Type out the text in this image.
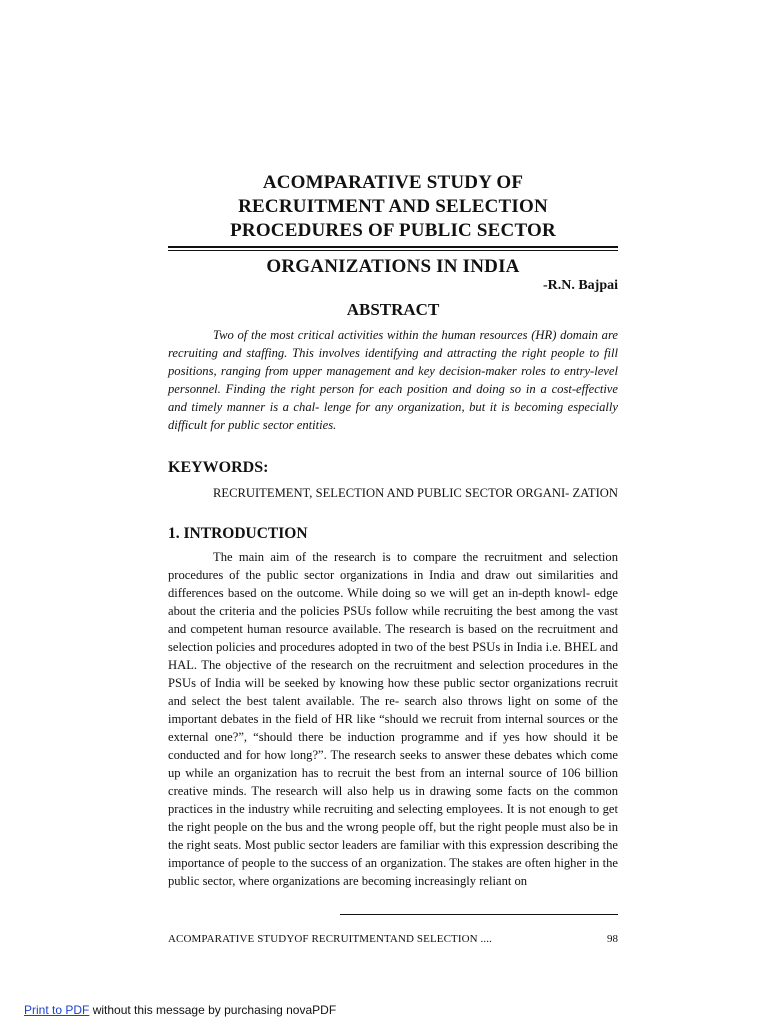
ACOMPARATIVE STUDY OF
RECRUITMENT AND SELECTION
PROCEDURES OF PUBLIC SECTOR
ORGANIZATIONS IN INDIA
-R.N. Bajpai
ABSTRACT

Two of the most critical activities within the human resources (HR) domain are recruiting and staffing. This involves identifying and attracting the right people to fill positions, ranging from upper management and key decision-maker roles to entry-level personnel. Finding the right person for each position and doing so in a cost-effective and timely manner is a chal- lenge for any organization, but it is becoming especially difficult for public sector entities.

KEYWORDS:

RECRUITEMENT, SELECTION AND PUBLIC SECTOR ORGANI- ZATION

1. INTRODUCTION

The main aim of the research is to compare the recruitment and selection procedures of the public sector organizations in India and draw out similarities and differences based on the outcome. While doing so we will get an in-depth knowl- edge about the criteria and the policies PSUs follow while recruiting the best among the vast and competent human resource available. The research is based on the recruitment and selection policies and procedures adopted in two of the best PSUs in India i.e. BHEL and HAL. The objective of the research on the recruitment and selection procedures in the PSUs of India will be seeked by knowing how these public sector organizations recruit and select the best talent available. The re- search also throws light on some of the important debates in the field of HR like “should we recruit from internal sources or the external one?”, “should there be induction programme and if yes how should it be conducted and for how long?”. The research seeks to answer these debates which come up while an organization has to recruit the best from an internal source of 106 billion creative minds. The research will also help us in drawing some facts on the common practices in the industry while recruiting and selecting employees. It is not enough to get the right people on the bus and the wrong people off, but the right people must also be in the right seats. Most public sector leaders are familiar with this expression describing the importance of people to the success of an organization. The stakes are often higher in the public sector, where organizations are becoming increasingly reliant on

ACOMPARATIVE STUDYOF RECRUITMENTAND SELECTION ....	98
Print to PDF without this message by purchasing novaPDF
